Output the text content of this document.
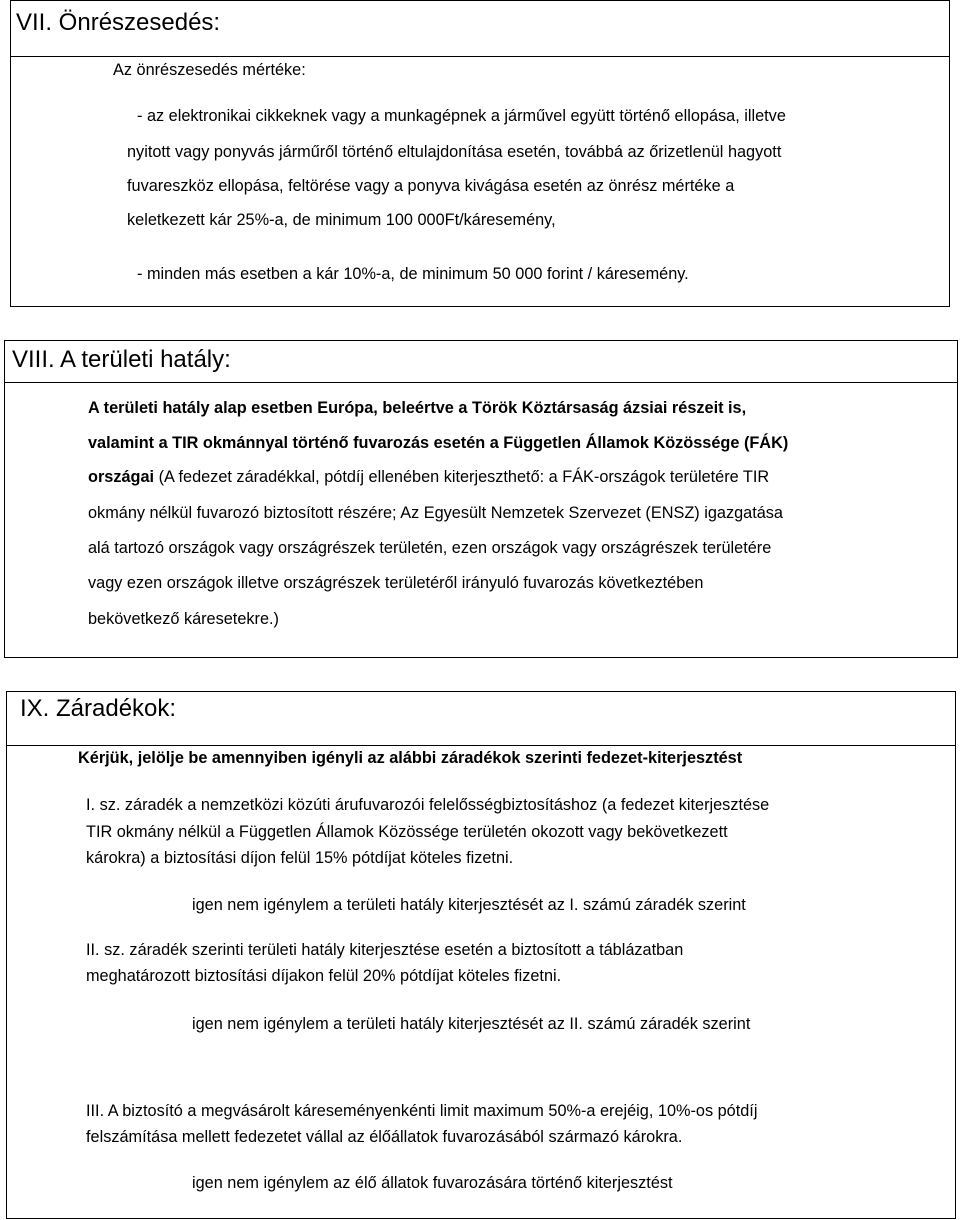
VII. Önrészesedés:
Az önrészesedés mértéke:
- az elektronikai cikkeknek vagy a munkagépnek a járművel együtt történő ellopása, illetve
nyitott vagy ponyvás járműről történő eltulajdonítása esetén, továbbá az őrizetlenül hagyott
fuvareszköz ellopása, feltörése vagy a ponyva kivágása esetén az önrész mértéke a
keletkezett kár 25%-a, de minimum 100 000Ft/káresemény,
- minden más esetben a kár 10%-a, de minimum 50 000 forint / káresemény.
VIII. A területi hatály:
A területi hatály alap esetben Európa, beleértve a Török Köztársaság ázsiai részeit is,
valamint a TIR okmánnyal történő fuvarozás esetén a Független Államok Közössége (FÁK)
országai (A fedezet záradékkal, pótdíj ellenében kiterjeszthető: a FÁK-országok területére TIR
okmány nélkül fuvarozó biztosított részére; Az Egyesült Nemzetek Szervezet (ENSZ) igazgatása
alá tartozó országok vagy országrészek területén, ezen országok vagy országrészek területére
vagy ezen országok illetve országrészek területéről irányuló fuvarozás következtében
bekövetkező káresetekre.)
IX. Záradékok:
Kérjük, jelölje be amennyiben igényli az alábbi záradékok szerinti fedezet-kiterjesztést
I. sz. záradék a nemzetközi közúti árufuvarozói felelősségbiztosításhoz (a fedezet kiterjesztése
TIR okmány nélkül a Független Államok Közössége területén okozott vagy bekövetkezett
károkra) a biztosítási díjon felül 15% pótdíjat köteles fizetni.
igen nem igénylem a területi hatály kiterjesztését az I. számú záradék szerint
II. sz. záradék szerinti területi hatály kiterjesztése esetén a biztosított a táblázatban
meghatározott biztosítási díjakon felül 20% pótdíjat köteles fizetni.
igen nem igénylem a területi hatály kiterjesztését az II. számú záradék szerint
III. A biztosító a megvásárolt káreseményenkénti limit maximum 50%-a erejéig, 10%-os pótdíj
felszámítása mellett fedezetet vállal az élőállatok fuvarozásából származó károkra.
igen nem igénylem az élő állatok fuvarozására történő kiterjesztést
